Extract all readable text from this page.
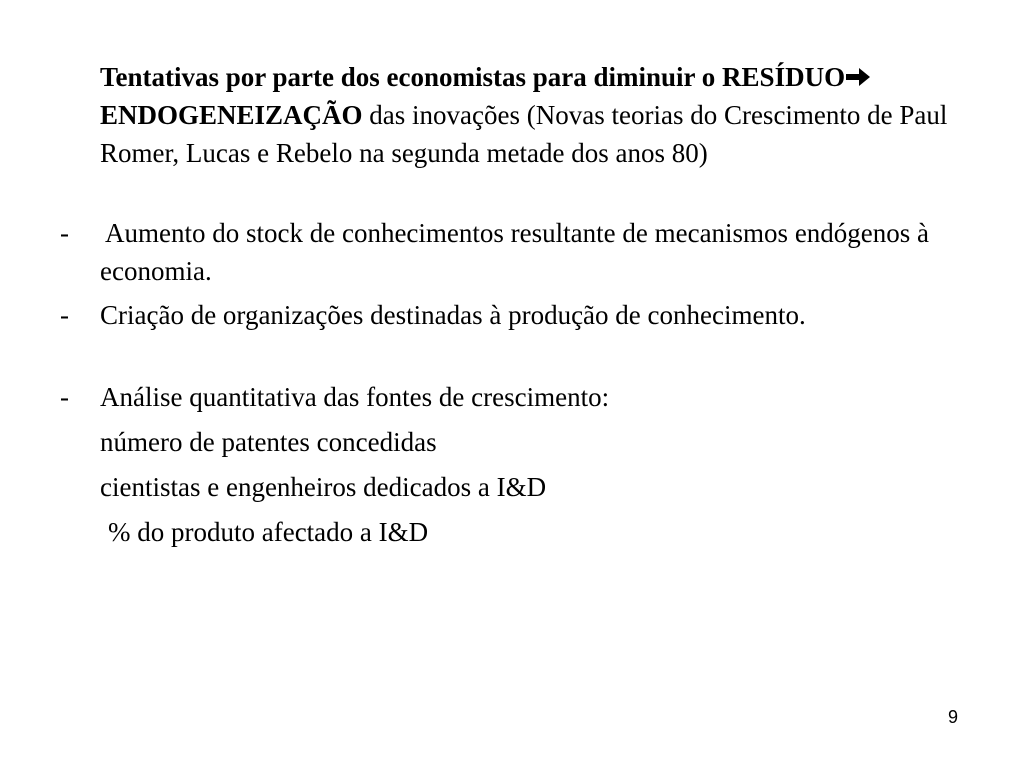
Tentativas por parte dos economistas para diminuir o RESÍDUO ENDOGENEIZAÇÃO das inovações (Novas teorias do Crescimento de Paul Romer, Lucas e Rebelo na segunda metade dos anos 80)

-	Aumento do stock de conhecimentos resultante de mecanismos endógenos à economia.
-	Criação de organizações destinadas à produção de conhecimento.
-	Análise quantitativa das fontes de crescimento:

número de patentes concedidas

cientistas e engenheiros dedicados a I&D

% do produto afectado a I&D

9
